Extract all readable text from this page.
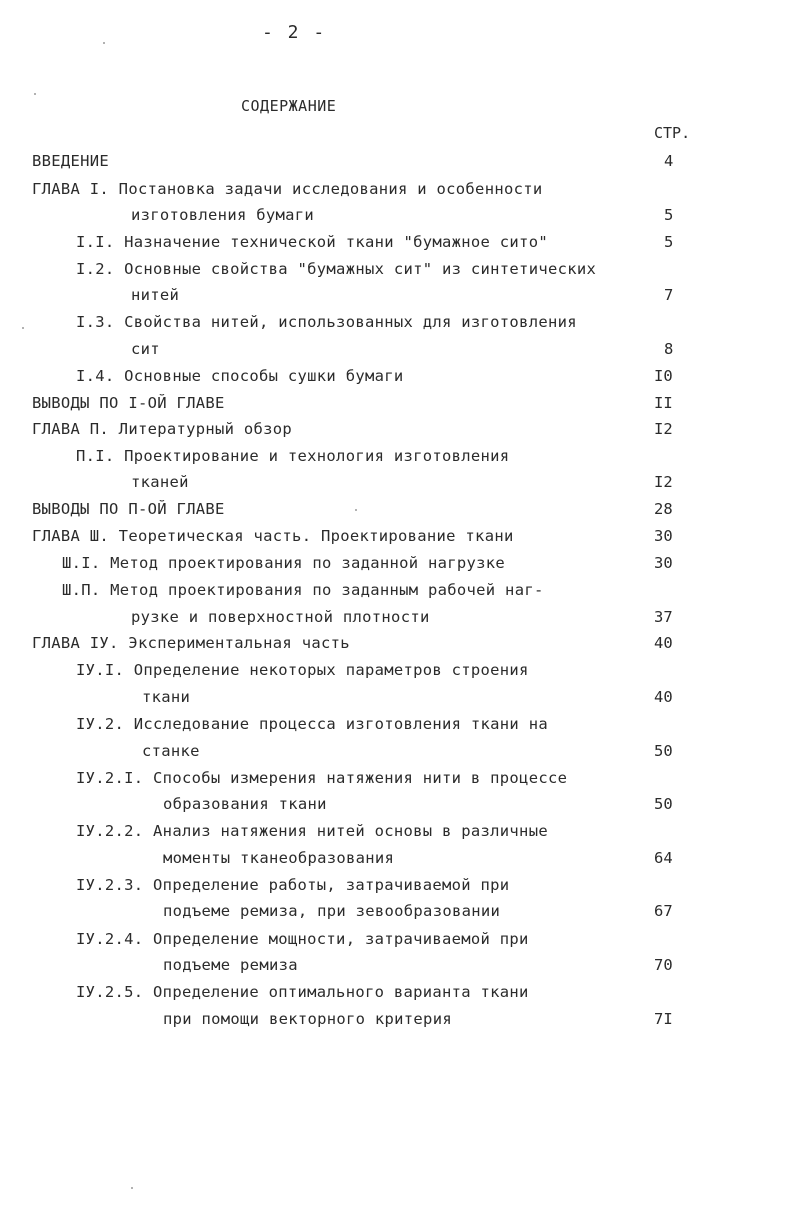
- 2 -
СОДЕРЖАНИЕ
СТР.
ВВЕДЕНИЕ	4
ГЛАВА I. Постановка задачи исследования и особенности
изготовления бумаги	5
I.I. Назначение технической ткани "бумажное сито"	5
I.2. Основные свойства "бумажных сит" из синтетических
нитей	7
I.3. Свойства нитей, использованных для изготовления
сит	8
I.4. Основные способы сушки бумаги	I0
ВЫВОДЫ ПО I-ОЙ ГЛАВЕ	II
ГЛАВА П. Литературный обзор	I2
П.I. Проектирование и технология изготовления
тканей	I2
ВЫВОДЫ ПО П-ОЙ ГЛАВЕ	28
ГЛАВА Ш. Теоретическая часть. Проектирование ткани	30
Ш.I. Метод проектирования по заданной нагрузке	30
Ш.П. Метод проектирования по заданным рабочей наг-
рузке и поверхностной плотности	37
ГЛАВА IУ. Экспериментальная часть	40
IУ.I. Определение некоторых параметров строения
ткани	40
IУ.2. Исследование процесса изготовления ткани на
станке	50
IУ.2.I. Способы измерения натяжения нити в процессе
образования ткани	50
IУ.2.2. Анализ натяжения нитей основы в различные
моменты тканеобразования	64
IУ.2.3. Определение работы, затрачиваемой при
подъеме ремиза, при зевообразовании	67
IУ.2.4. Определение мощности, затрачиваемой при
подъеме ремиза	70
IУ.2.5. Определение оптимального варианта ткани
при помощи векторного критерия	7I
